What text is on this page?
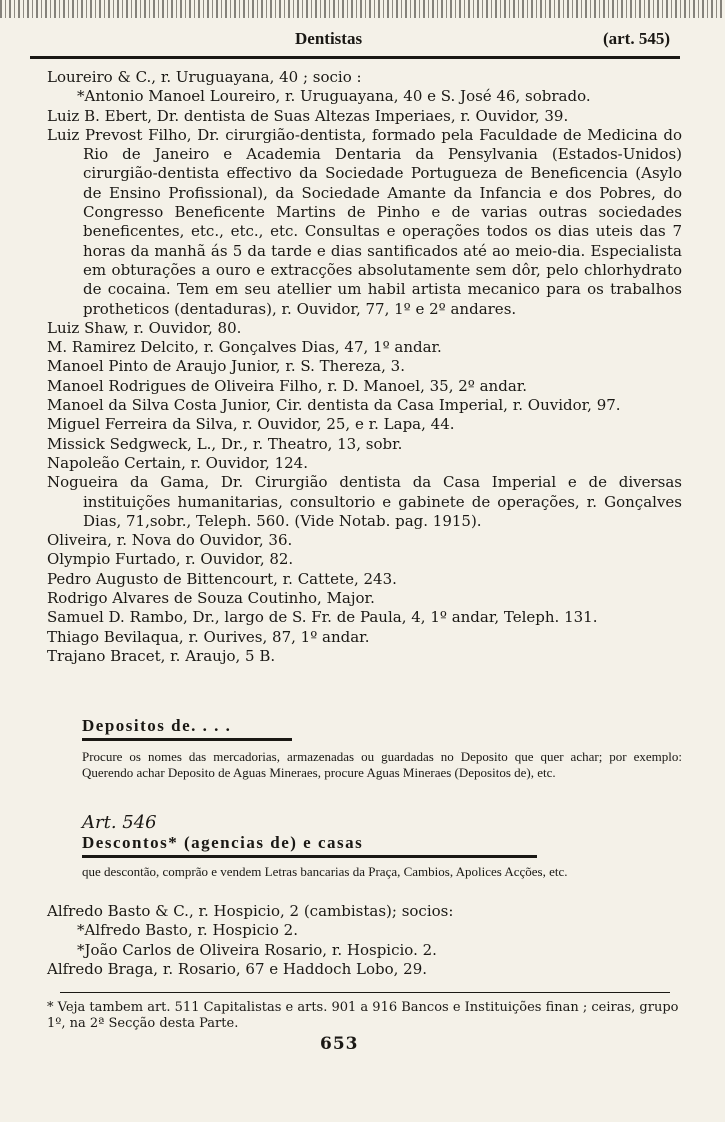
Dentistas	(art. 545)
Loureiro & C., r. Uruguayana, 40 ; socio :
*Antonio Manoel Loureiro, r. Uruguayana, 40 e S. José 46, sobrado.
Luiz B. Ebert, Dr. dentista de Suas Altezas Imperiaes, r. Ouvidor, 39.
Luiz Prevost Filho, Dr. cirurgião-dentista, formado pela Faculdade de Medicina do Rio de Janeiro e Academia Dentaria da Pensylvania (Estados-Unidos) cirurgião-dentista effectivo da Sociedade Portugueza de Beneficencia (Asylo de Ensino Profissional), da Sociedade Amante da Infancia e dos Pobres, do Congresso Beneficente Martins de Pinho e de varias outras sociedades beneficentes, etc., etc., etc. Consultas e operações todos os dias uteis das 7 horas da manhã ás 5 da tarde e dias santificados até ao meio-dia. Especialista em obturações a ouro e extracções absolutamente sem dôr, pelo chlorhydrato de cocaina. Tem em seu atellier um habil artista mecanico para os trabalhos protheticos (dentaduras), r. Ouvidor, 77, 1º e 2º andares.
Luiz Shaw, r. Ouvidor, 80.
M. Ramirez Delcito, r. Gonçalves Dias, 47, 1º andar.
Manoel Pinto de Araujo Junior, r. S. Thereza, 3.
Manoel Rodrigues de Oliveira Filho, r. D. Manoel, 35, 2º andar.
Manoel da Silva Costa Junior, Cir. dentista da Casa Imperial, r. Ouvidor, 97.
Miguel Ferreira da Silva, r. Ouvidor, 25, e r. Lapa, 44.
Missick Sedgweck, L., Dr., r. Theatro, 13, sobr.
Napoleão Certain, r. Ouvidor, 124.
Nogueira da Gama, Dr. Cirurgião dentista da Casa Imperial e de diversas instituições humanitarias, consultorio e gabinete de operações, r. Gonçalves Dias, 71,sobr., Teleph. 560. (Vide Notab. pag. 1915).
Oliveira, r. Nova do Ouvidor, 36.
Olympio Furtado, r. Ouvidor, 82.
Pedro Augusto de Bittencourt, r. Cattete, 243.
Rodrigo Alvares de Souza Coutinho, Major.
Samuel D. Rambo, Dr., largo de S. Fr. de Paula, 4, 1º andar, Teleph. 131.
Thiago Bevilaqua, r. Ourives, 87, 1º andar.
Trajano Bracet, r. Araujo, 5 B.
Depositos de. . . .
Procure os nomes das mercadorias, armazenadas ou guardadas no Deposito que quer achar; por exemplo: Querendo achar Deposito de Aguas Mineraes, procure Aguas Mineraes (Depositos de), etc.
Art. 546
Descontos* (agencias de) e casas
que descontão, comprão e vendem Letras bancarias da Praça, Cambios, Apolices Acções, etc.
Alfredo Basto & C., r. Hospicio, 2 (cambistas); socios:
*Alfredo Basto, r. Hospicio 2.
*João Carlos de Oliveira Rosario, r. Hospicio. 2.
Alfredo Braga, r. Rosario, 67 e Haddoch Lobo, 29.
* Veja tambem art. 511 Capitalistas e arts. 901 a 916 Bancos e Instituições finan ; ceiras, grupo 1º, na 2ª Secção desta Parte.
653
